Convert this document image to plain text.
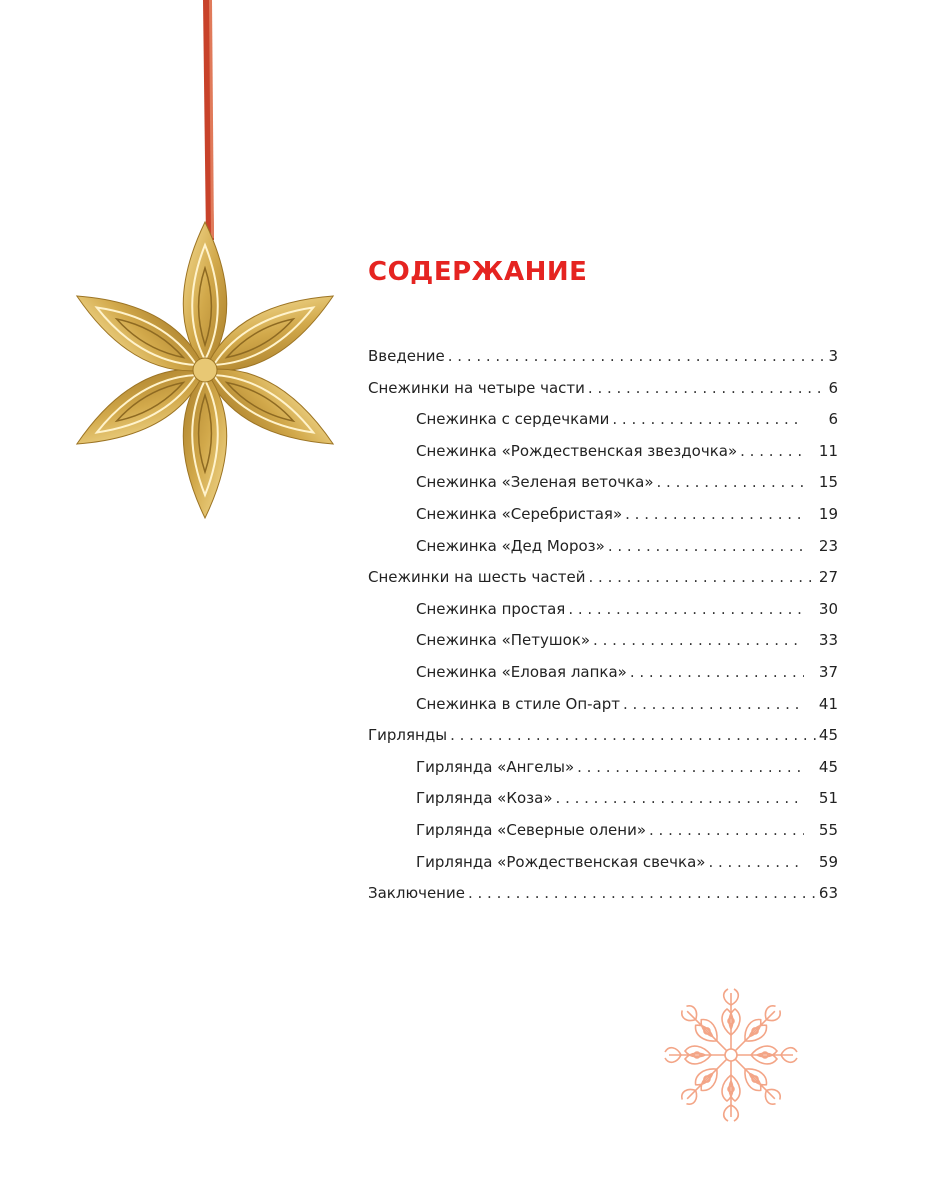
СОДЕРЖАНИЕ
Введение . . .	3
Снежинки на четыре части . . .	6
Снежинка с сердечками . . .	6
Снежинка «Рождественская звездочка» . . .	11
Снежинка «Зеленая веточка» . . .	15
Снежинка «Серебристая» . . .	19
Снежинка «Дед Мороз» . . .	23
Снежинки на шесть частей . . .	27
Снежинка простая . . .	30
Снежинка «Петушок» . . .	33
Снежинка «Еловая лапка» . . .	37
Снежинка в стиле Оп-арт . . .	41
Гирлянды . . .	45
Гирлянда «Ангелы» . . .	45
Гирлянда «Коза» . . .	51
Гирлянда «Северные олени» . . .	55
Гирлянда «Рождественская свечка» . . .	59
Заключение . . .	63
